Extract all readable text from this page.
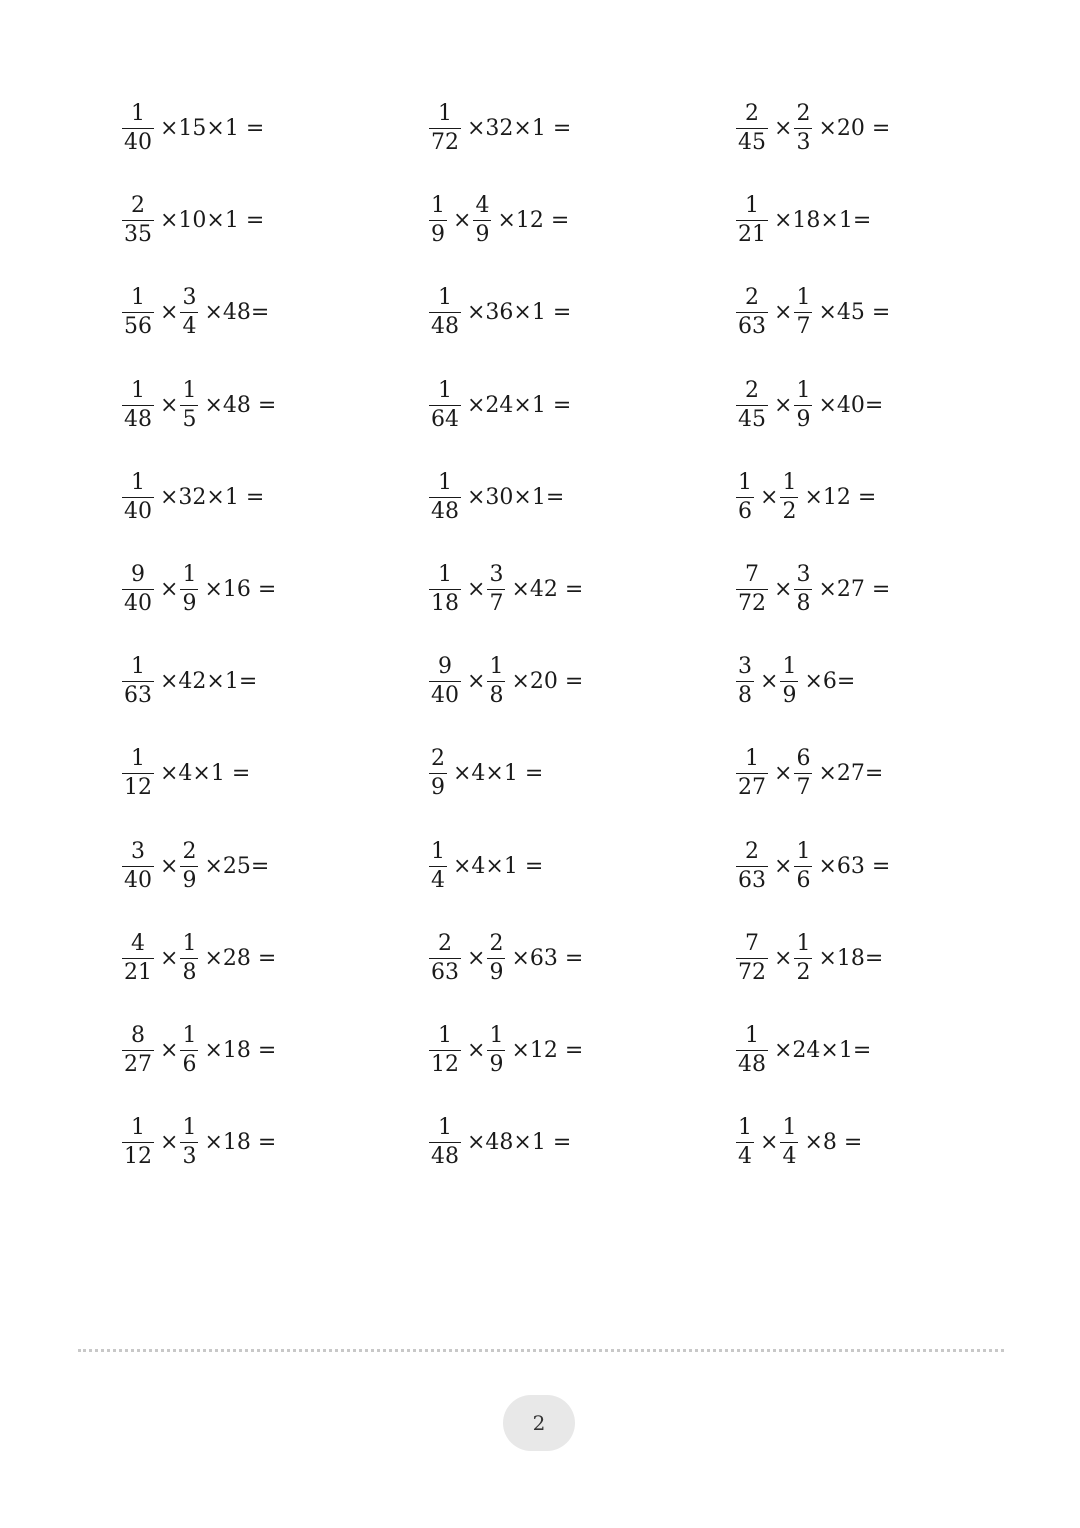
$\frac{1}{40} \times 15\times 1$ =	$\frac{1}{72} \times 32\times 1$ =	$\frac{2}{45} \times \frac{2}{3} \times 20$ =
$\frac{2}{35} \times 10\times 1$ =	$\frac{1}{9} \times \frac{4}{9} \times 12$ =	$\frac{1}{21} \times 18\times 1=$
$\frac{1}{56} \times \frac{3}{4} \times 48=$	$\frac{1}{48} \times 36\times 1$ =	$\frac{2}{63} \times \frac{1}{7} \times 45$ =
$\frac{1}{48} \times \frac{1}{5} \times 48$ =	$\frac{1}{64} \times 24\times 1$ =	$\frac{2}{45} \times \frac{1}{9} \times 40=$
$\frac{1}{40} \times 32\times 1$ =	$\frac{1}{48} \times 30\times 1=$	$\frac{1}{6} \times \frac{1}{2} \times 12$ =
$\frac{9}{40} \times \frac{1}{9} \times 16$ =	$\frac{1}{18} \times \frac{3}{7} \times 42$ =	$\frac{7}{72} \times \frac{3}{8} \times 27$ =
$\frac{1}{63} \times 42\times 1=$	$\frac{9}{40} \times \frac{1}{8} \times 20$ =	$\frac{3}{8} \times \frac{1}{9} \times 6=$
$\frac{1}{12} \times 4\times 1$ =	$\frac{2}{9} \times 4\times 1$ =	$\frac{1}{27} \times \frac{6}{7} \times 27=$
$\frac{3}{40} \times \frac{2}{9} \times 25=$	$\frac{1}{4} \times 4\times 1$ =	$\frac{2}{63} \times \frac{1}{6} \times 63$ =
$\frac{4}{21} \times \frac{1}{8} \times 28$ =	$\frac{2}{63} \times \frac{2}{9} \times 63$ =	$\frac{7}{72} \times \frac{1}{2} \times 18=$
$\frac{8}{27} \times \frac{1}{6} \times 18$ =	$\frac{1}{12} \times \frac{1}{9} \times 12$ =	$\frac{1}{48} \times 24\times 1=$
$\frac{1}{12} \times \frac{1}{3} \times 18$ =	$\frac{1}{48} \times 48\times 1$ =	$\frac{1}{4} \times \frac{1}{4} \times 8$ =
2
